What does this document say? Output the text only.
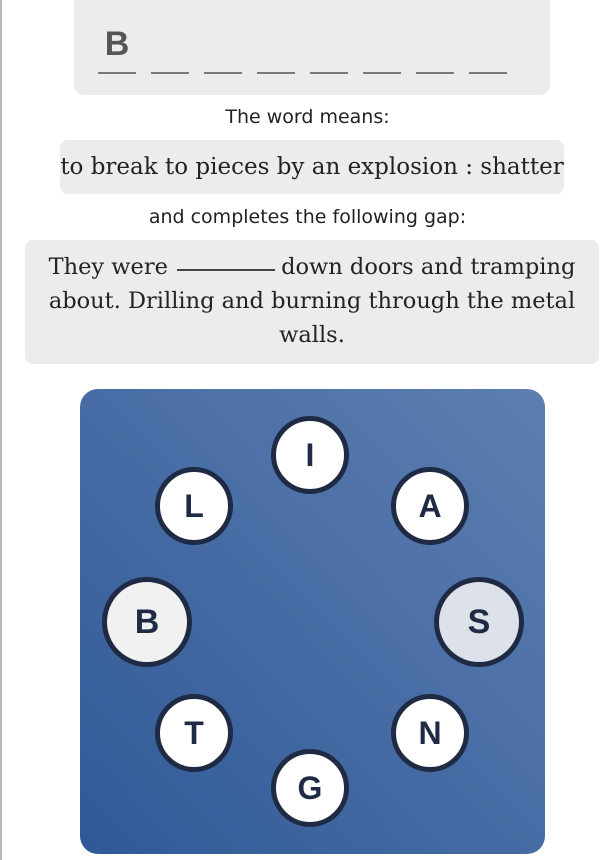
B
The word means:
to break to pieces by an explosion : shatter
and completes the following gap:
They were	down doors and tramping about. Drilling and burning through the metal walls.
I
L	A
B	S
T	N
G
